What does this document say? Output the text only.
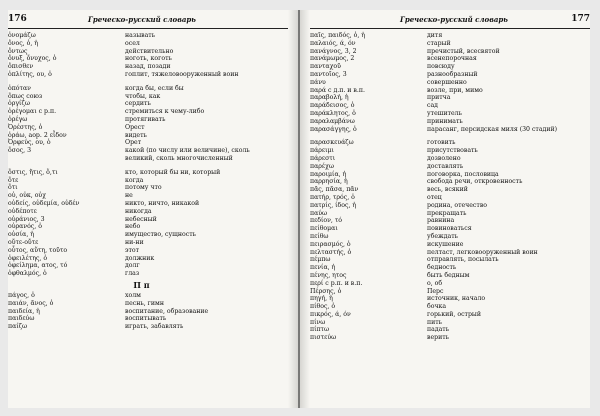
176	Греческо-русский словарь
ὀνομάζω	называть
ὄνος, ὁ, ἡ	осел
ὄντως	действительно
ὄνυξ, ὄνυχος, ὁ	ноготь, коготь
ὄπισθεν	назад, позади
ὁπλίτης, ου, ὁ	гоплит, тяжеловооруженный воин
ὁπόταν	когда бы, если бы
ὅπως союз	чтобы, как
ὀργίζω	сердить
ὀρέγομαι с р.п.	стремиться к чему-либо
ὀρέγω	протягивать
Ὀρέστης, ὁ	Орест
ὁράω, аор. 2 εἶδον	видеть
Ὀρφεύς, ου, ὁ	Орет
ὅσος, 3	какой (по числу или величине), сколь великий, сколь многочисленный
ὅστις, ἥτις, ὅ,τι	кто, который бы ни, который
ὅτε	когда
ὅτι	потому что
οὐ, οὐκ, οὐχ	не
οὐδείς, οὐδεμία, οὐδέν	никто, ничто, никакой
οὐδέποτε	никогда
οὐράνιος, 3	небесный
οὐρανός, ὁ	небо
οὐσία, ἡ	имущество, сущность
οὔτε-οὔτε	ни-ни
οὗτος, αὕτη, τοῦτο	этот
ὀφειλέτης, ὁ	должник
ὀφείλημα, ατος, τό	долг
ὀφθαλμός, ὁ	глаз
Π π
πάγος, ὁ	холм
παιάν, ᾶνος, ὁ	песнь, гимн
παιδεία, ἡ	воспитание, образование
παιδεύω	воспитывать
παίζω	играть, забавлять
Греческо-русский словарь	177
παῖς, παιδός, ὁ, ἡ	дитя
παλαιός, ά, όν	старый
πανάγνος, 3, 2	пречистый, всесвятой
πανάμωμος, 2	всенепорочная
πανταχοῦ	повсюду
παντοῖος, 3	разнообразный
πάνυ	совершенно
παρά с д.п. и в.п.	возле, при, мимо
παραβολή, ἡ	притча
παράδεισος, ὁ	сад
παράκλητος, ὁ	утешитель
παραλαμβάνω	принимать
παρασάγγης, ὁ	парасанг, персидская миля (30 стадий)
παρασκευάζω	готовить
πάρειμι	присутствовать
πάρεστι	дозволено
παρέχω	доставлять
παροιμία, ἡ	поговорка, пословица
παρρησία, ἡ	свобода речи, откровенность
πᾶς, πᾶσα, πᾶν	весь, всякий
πατήρ, τρός, ὁ	отец
πατρίς, ίδος, ἡ	родина, отечество
παύω	прекращать
πεδίον, τό	равнина
πείθομαι	повиноваться
πείθω	убеждать
πειρασμός, ὁ	искушение
πελταστής, ὁ	пелтаст, легковооруженный воин
πέμπω	отправлять, посылать
πενία, ἡ	бедность
πένης, ητος	быть бедным
περί с р.п. и в.п.	о, об
Πέρσης, ὁ	Перс
πηγή, ἡ	источник, начало
πίθος, ὁ	бочка
πικρός, ά, όν	горький, острый
πίνω	пить
πίπτω	падать
πιστεύω	верить
